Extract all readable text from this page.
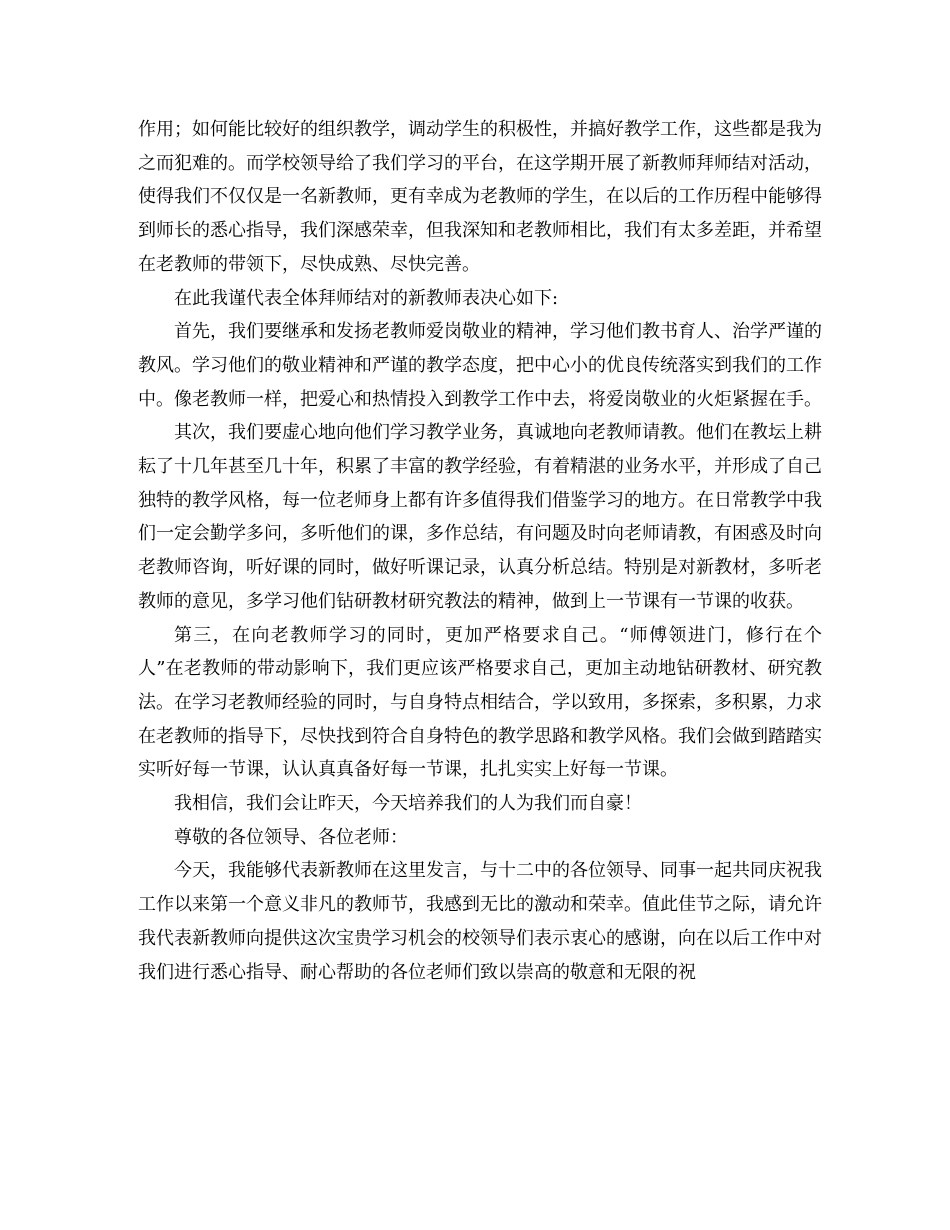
作用；如何能比较好的组织教学，调动学生的积极性，并搞好教学工作，这些都是我为之而犯难的。而学校领导给了我们学习的平台，在这学期开展了新教师拜师结对活动，使得我们不仅仅是一名新教师，更有幸成为老教师的学生，在以后的工作历程中能够得到师长的悉心指导，我们深感荣幸，但我深知和老教师相比，我们有太多差距，并希望在老教师的带领下，尽快成熟、尽快完善。

在此我谨代表全体拜师结对的新教师表决心如下:

首先，我们要继承和发扬老教师爱岗敬业的精神，学习他们教书育人、治学严谨的教风。学习他们的敬业精神和严谨的教学态度，把中心小的优良传统落实到我们的工作中。像老教师一样，把爱心和热情投入到教学工作中去，将爱岗敬业的火炬紧握在手。

其次，我们要虚心地向他们学习教学业务，真诚地向老教师请教。他们在教坛上耕耘了十几年甚至几十年，积累了丰富的教学经验，有着精湛的业务水平，并形成了自己独特的教学风格，每一位老师身上都有许多值得我们借鉴学习的地方。在日常教学中我们一定会勤学多问，多听他们的课，多作总结，有问题及时向老师请教，有困惑及时向老教师咨询，听好课的同时，做好听课记录，认真分析总结。特别是对新教材，多听老教师的意见，多学习他们钻研教材研究教法的精神，做到上一节课有一节课的收获。

第三，在向老教师学习的同时，更加严格要求自己。“师傅领进门，修行在个人”在老教师的带动影响下，我们更应该严格要求自己，更加主动地钻研教材、研究教法。在学习老教师经验的同时，与自身特点相结合，学以致用，多探索，多积累，力求在老教师的指导下，尽快找到符合自身特色的教学思路和教学风格。我们会做到踏踏实实听好每一节课，认认真真备好每一节课，扎扎实实上好每一节课。

我相信，我们会让昨天，今天培养我们的人为我们而自豪！

尊敬的各位领导、各位老师：

今天，我能够代表新教师在这里发言，与十二中的各位领导、同事一起共同庆祝我工作以来第一个意义非凡的教师节，我感到无比的激动和荣幸。值此佳节之际，请允许我代表新教师向提供这次宝贵学习机会的校领导们表示衷心的感谢，向在以后工作中对我们进行悉心指导、耐心帮助的各位老师们致以崇高的敬意和无限的祝
